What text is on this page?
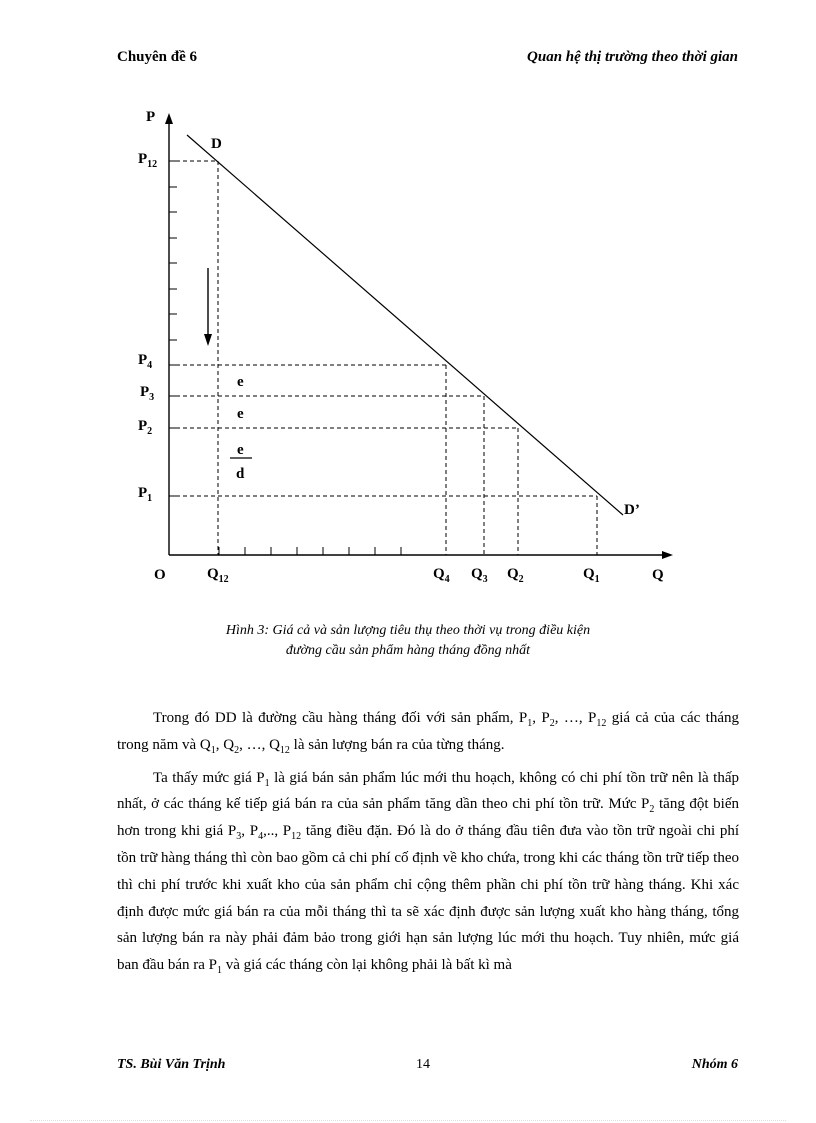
Chuyên đề 6	Quan hệ thị trường theo thời gian
P
Q
O
D
D’
$P_{12}$
$P_4$
$P_3$
$P_2$
$P_1$
$Q_{12}$	$Q_4$ $Q_3$ $Q_2$	$Q_1$
e
e
e
d
Hình 3: Giá cả và sản lượng tiêu thụ theo thời vụ trong điều kiện
đường cầu sản phẩm hàng tháng đồng nhất

Trong đó DD là đường cầu hàng tháng đối với sản phẩm, $P_1$, $P_2$, …, $P_{12}$ giá cả của các tháng trong năm và $Q_1$, $Q_2$, …, $Q_{12}$ là sản lượng bán ra của từng tháng.

Ta thấy mức giá $P_1$ là giá bán sản phẩm lúc mới thu hoạch, không có chi phí tồn trữ nên là thấp nhất, ở các tháng kế tiếp giá bán ra của sản phẩm tăng dần theo chi phí tồn trữ. Mức $P_2$ tăng đột biến hơn trong khi giá $P_3$, $P_4$,.., $P_{12}$ tăng điều đặn. Đó là do ở tháng đầu tiên đưa vào tồn trữ ngoài chi phí tồn trữ hàng tháng thì còn bao gồm cả chi phí cố định về kho chứa, trong khi các tháng tồn trữ tiếp theo thì chi phí trước khi xuất kho của sản phẩm chỉ cộng thêm phần chi phí tồn trữ hàng tháng. Khi xác định được mức giá bán ra của mỗi tháng thì ta sẽ xác định được sản lượng xuất kho hàng tháng, tổng sản lượng bán ra này phải đảm bảo trong giới hạn sản lượng lúc mới thu hoạch. Tuy nhiên, mức giá ban đầu bán ra $P_1$ và giá các tháng còn lại không phải là bất kì mà

TS. Bùi Văn Trịnh	14	Nhóm 6
